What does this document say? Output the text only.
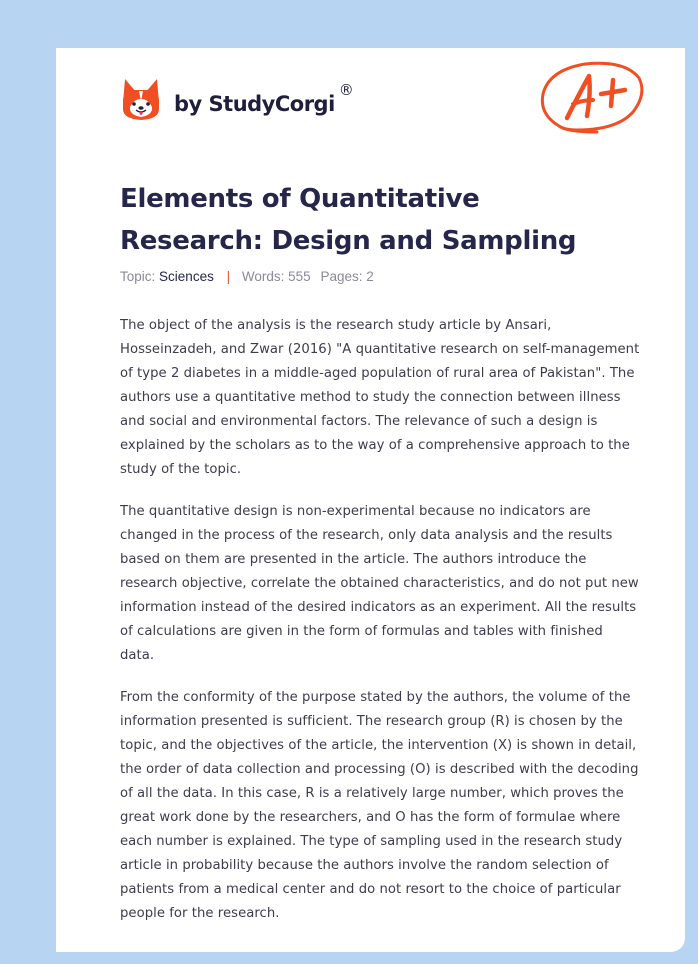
by StudyCorgi
®
Elements of Quantitative Research: Design and Sampling
Topic: Sciences | Words: 555 Pages: 2

The object of the analysis is the research study article by Ansari, Hosseinzadeh, and Zwar (2016) "A quantitative research on self-management of type 2 diabetes in a middle-aged population of rural area of Pakistan". The authors use a quantitative method to study the connection between illness and social and environmental factors. The relevance of such a design is explained by the scholars as to the way of a comprehensive approach to the study of the topic.

The quantitative design is non-experimental because no indicators are changed in the process of the research, only data analysis and the results based on them are presented in the article. The authors introduce the research objective, correlate the obtained characteristics, and do not put new information instead of the desired indicators as an experiment. All the results of calculations are given in the form of formulas and tables with finished data.

From the conformity of the purpose stated by the authors, the volume of the information presented is sufficient. The research group (R) is chosen by the topic, and the objectives of the article, the intervention (X) is shown in detail, the order of data collection and processing (O) is described with the decoding of all the data. In this case, R is a relatively large number, which proves the great work done by the researchers, and O has the form of formulae where each number is explained. The type of sampling used in the research study article in probability because the authors involve the random selection of patients from a medical center and do not resort to the choice of particular people for the research.
